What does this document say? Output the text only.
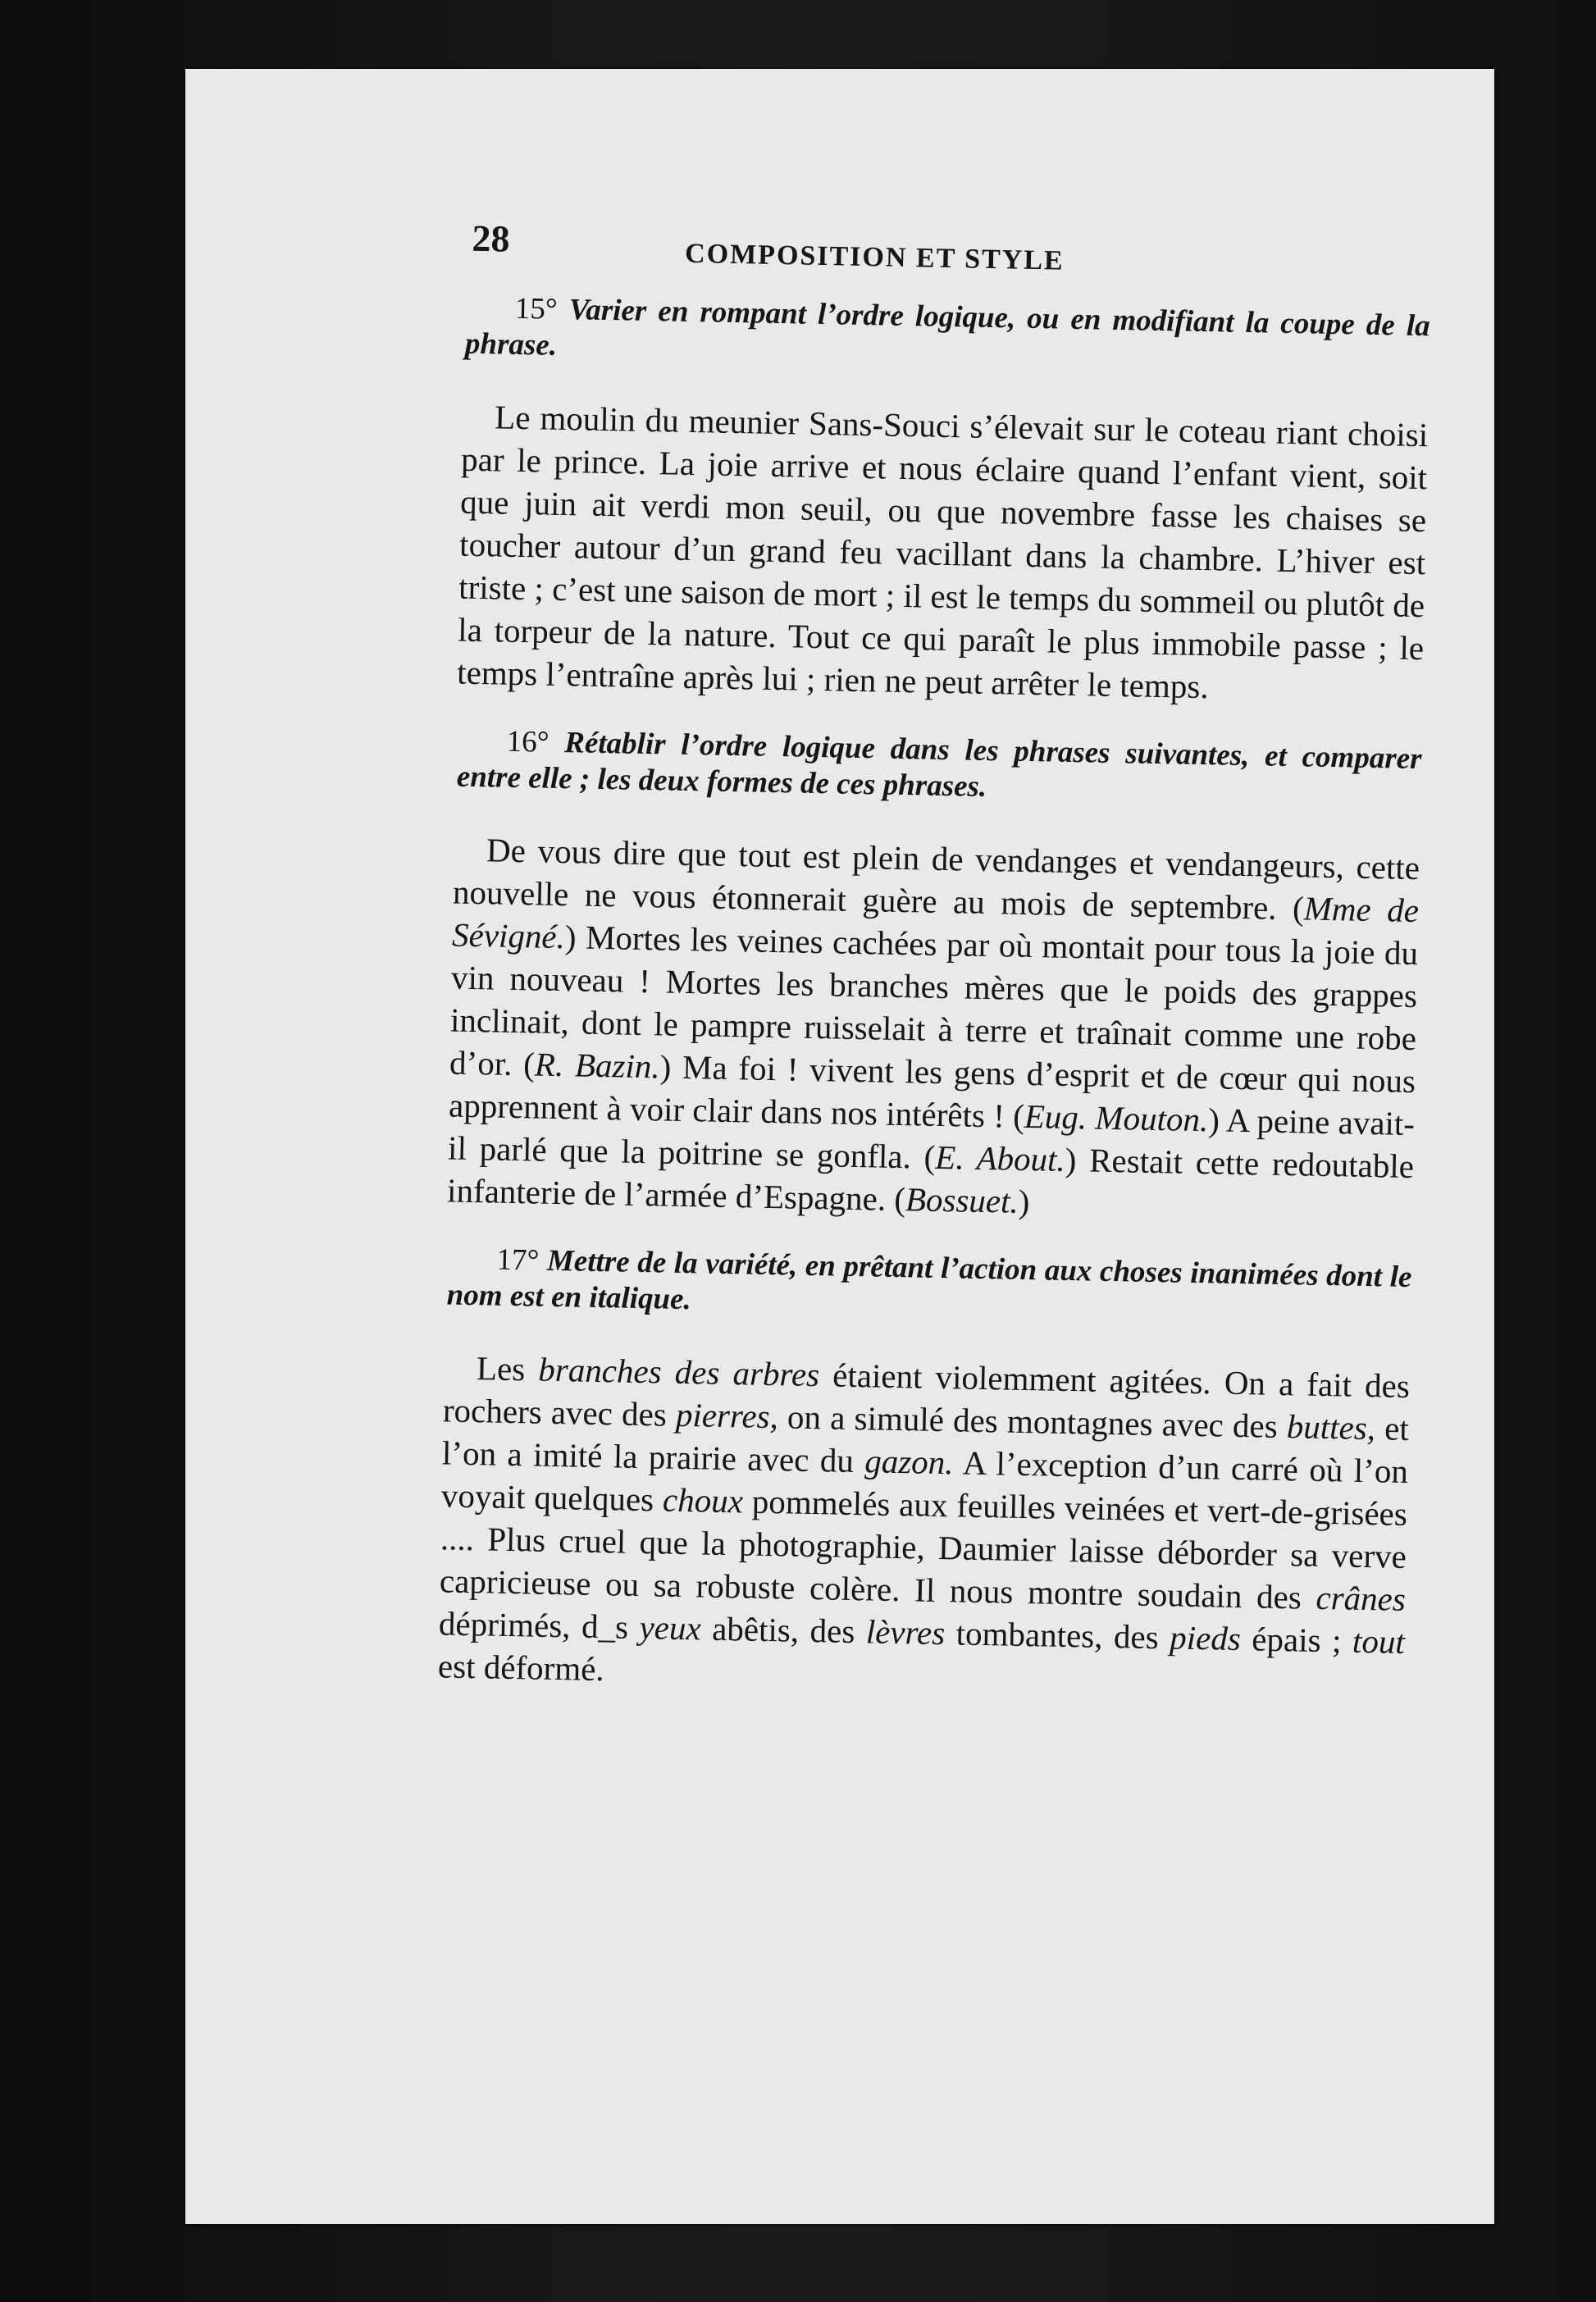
28	COMPOSITION ET STYLE

15° Varier en rompant l’ordre logique, ou en modifiant la coupe de la phrase.

Le moulin du meunier Sans-Souci s’élevait sur le coteau riant choisi par le prince. La joie arrive et nous éclaire quand l’enfant vient, soit que juin ait verdi mon seuil, ou que novembre fasse les chaises se toucher autour d’un grand feu vacillant dans la chambre. L’hiver est triste ; c’est une saison de mort ; il est le temps du sommeil ou plutôt de la torpeur de la nature. Tout ce qui paraît le plus immobile passe ; le temps l’entraîne après lui ; rien ne peut arrêter le temps.

16° Rétablir l’ordre logique dans les phrases suivantes, et comparer entre elle ; les deux formes de ces phrases.

De vous dire que tout est plein de vendanges et vendangeurs, cette nouvelle ne vous étonnerait guère au mois de septembre. (Mme de Sévigné.) Mortes les veines cachées par où montait pour tous la joie du vin nouveau ! Mortes les branches mères que le poids des grappes inclinait, dont le pampre ruisselait à terre et traînait comme une robe d’or. (R. Bazin.) Ma foi ! vivent les gens d’esprit et de cœur qui nous apprennent à voir clair dans nos intérêts ! (Eug. Mouton.) A peine avait-il parlé que la poitrine se gonfla. (E. About.) Restait cette redoutable infanterie de l’armée d’Espagne. (Bossuet.)

17° Mettre de la variété, en prêtant l’action aux choses inanimées dont le nom est en italique.

Les branches des arbres étaient violemment agitées. On a fait des rochers avec des pierres, on a simulé des montagnes avec des buttes, et l’on a imité la prairie avec du gazon. A l’exception d’un carré où l’on voyait quelques choux pommelés aux feuilles veinées et vert-de-grisées .... Plus cruel que la photographie, Daumier laisse déborder sa verve capricieuse ou sa robuste colère. Il nous montre soudain des crânes déprimés, d_s yeux abêtis, des lèvres tombantes, des pieds épais ; tout est déformé.
